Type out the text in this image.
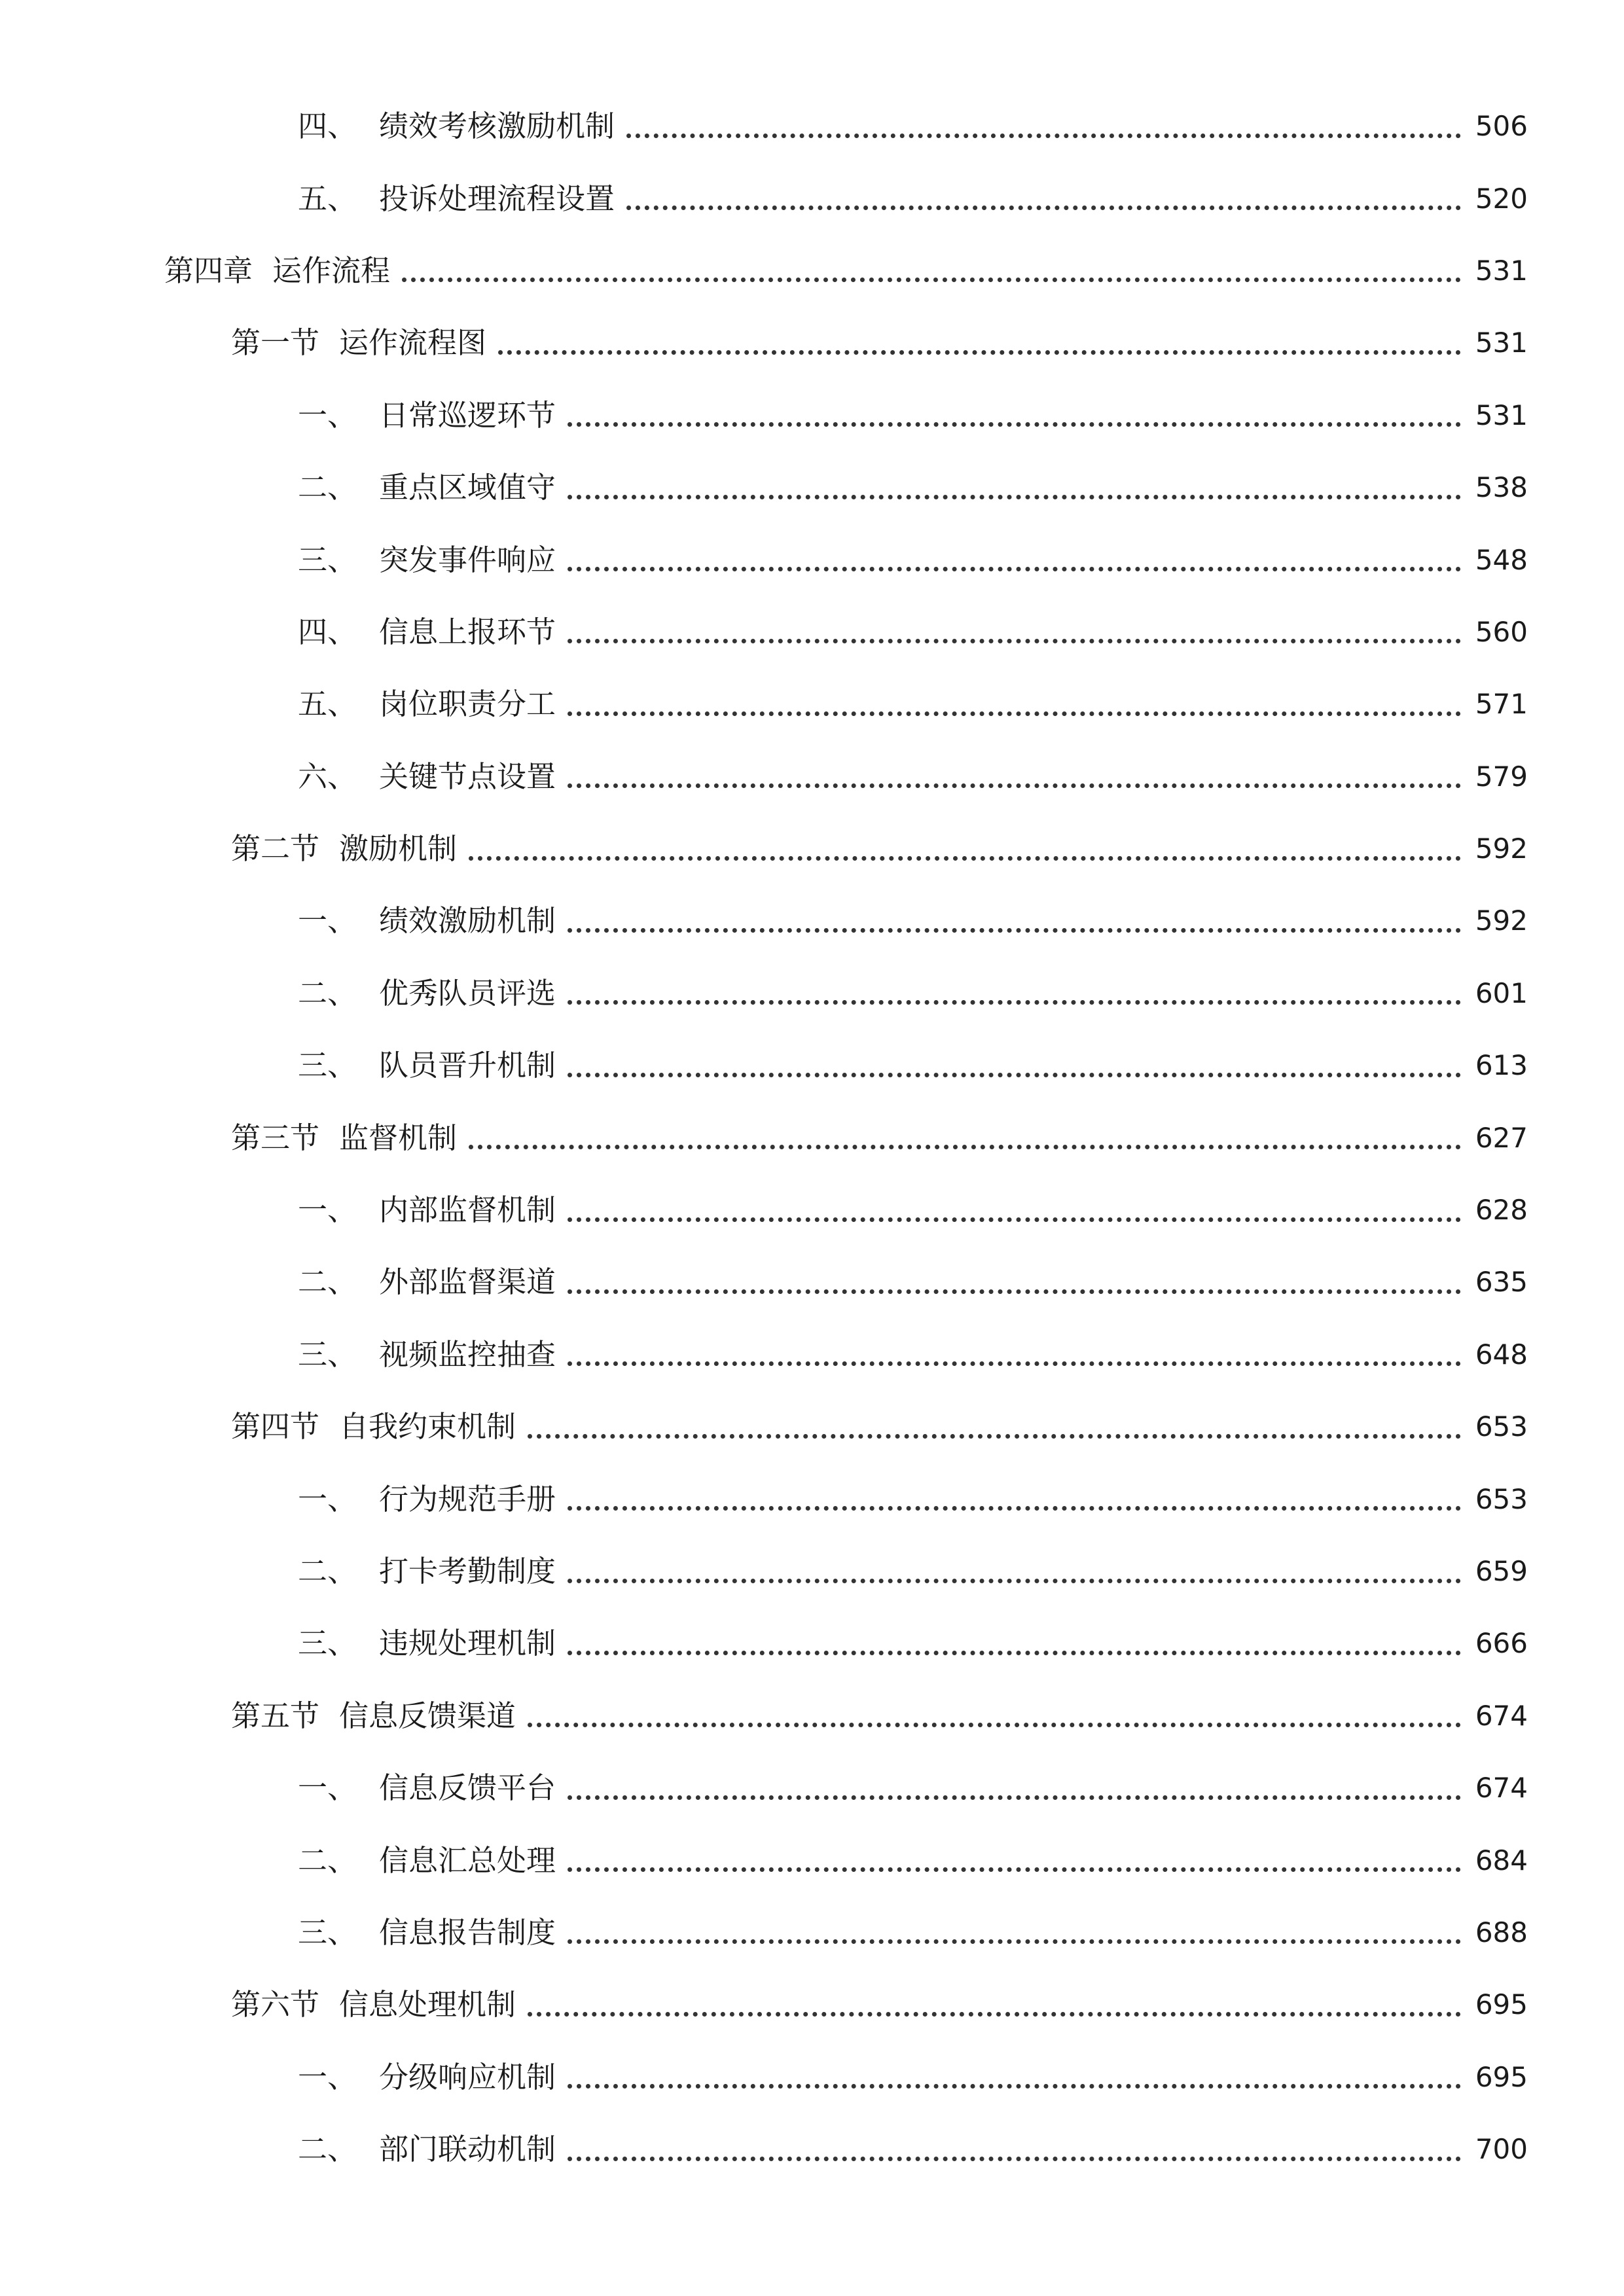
四、 绩效考核激励机制	506
五、 投诉处理流程设置	520
第四章 运作流程	531
第一节 运作流程图	531
一、 日常巡逻环节	531
二、 重点区域值守	538
三、 突发事件响应	548
四、 信息上报环节	560
五、 岗位职责分工	571
六、 关键节点设置	579
第二节 激励机制	592
一、 绩效激励机制	592
二、 优秀队员评选	601
三、 队员晋升机制	613
第三节 监督机制	627
一、 内部监督机制	628
二、 外部监督渠道	635
三、 视频监控抽查	648
第四节 自我约束机制	653
一、 行为规范手册	653
二、 打卡考勤制度	659
三、 违规处理机制	666
第五节 信息反馈渠道	674
一、 信息反馈平台	674
二、 信息汇总处理	684
三、 信息报告制度	688
第六节 信息处理机制	695
一、 分级响应机制	695
二、 部门联动机制	700
